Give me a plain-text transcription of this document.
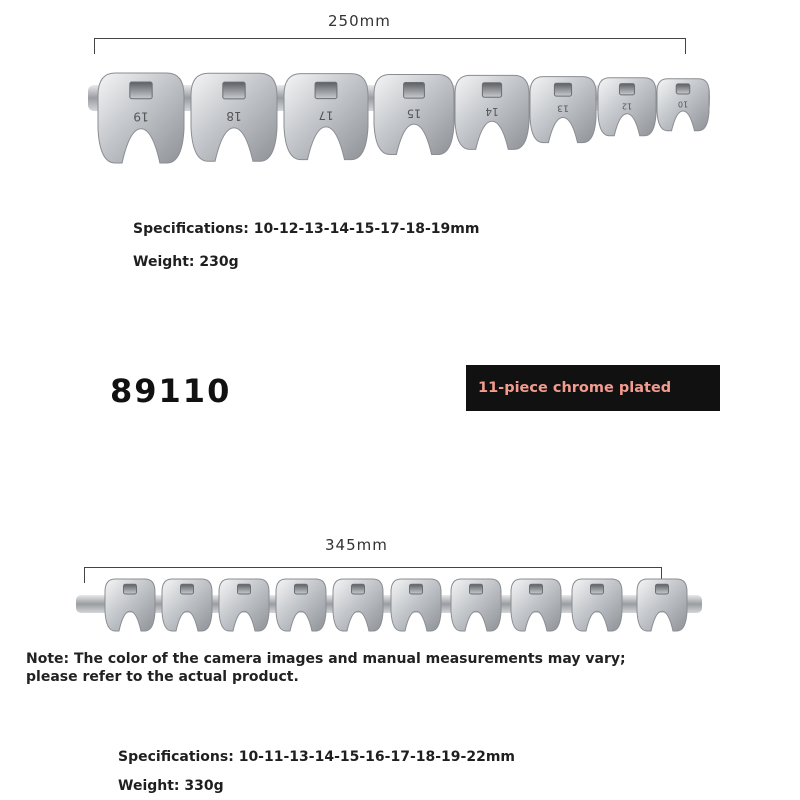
250mm
19	18	17	15	14	13	12	10
Specifications: 10-12-13-14-15-17-18-19mm
Weight: 230g
89110	11-piece chrome plated
345mm
Note: The color of the camera images and manual measurements may vary; please refer to the actual product.
Specifications: 10-11-13-14-15-16-17-18-19-22mm
Weight: 330g
